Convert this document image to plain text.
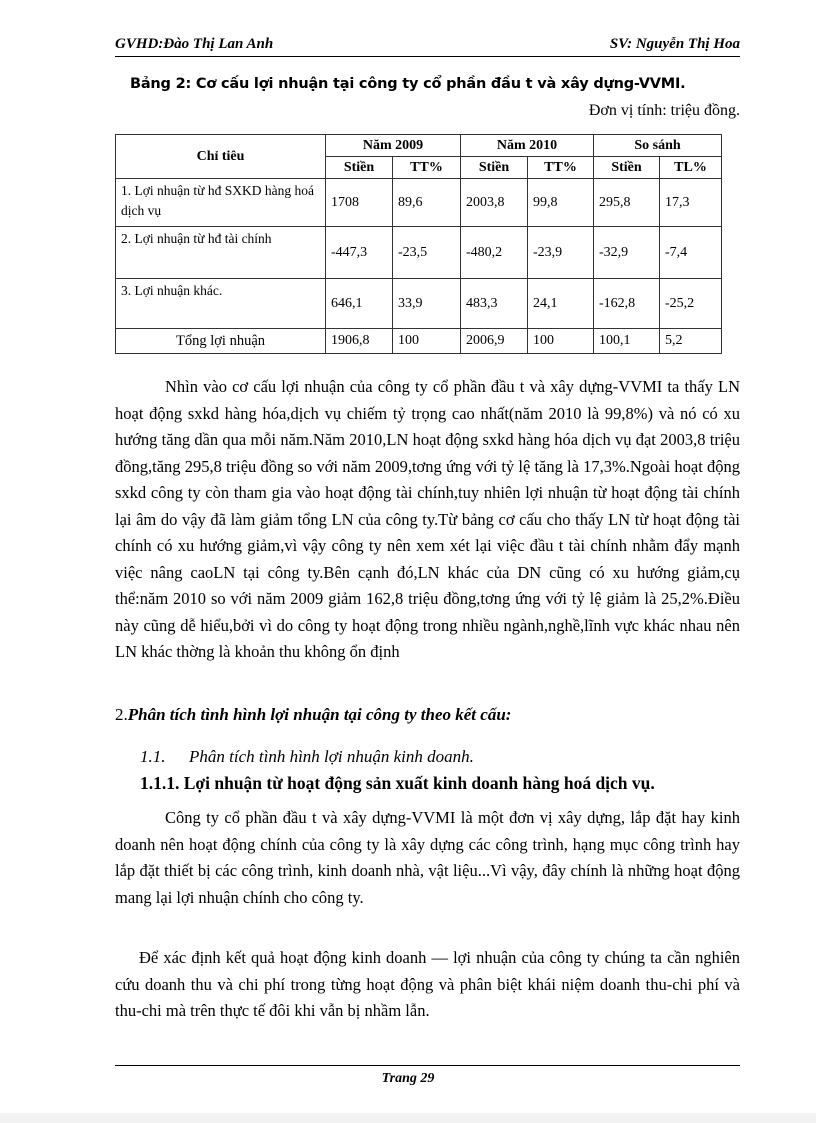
GVHD:Đào Thị Lan Anh	SV: Nguyễn Thị Hoa
Bảng 2: Cơ cấu lợi nhuận tại công ty cổ phần đầu t và xây dựng-VVMI.
Đơn vị tính: triệu đồng.
Chỉ tiêu	Năm 2009		Năm 2010		So sánh	
	Stiền	TT%	Stiền	TT%	Stiền	TL%
1. Lợi nhuận từ hđ SXKD hàng hoá dịch vụ	1708	89,6	2003,8	99,8	295,8	17,3
2. Lợi nhuận từ hđ tài chính	-447,3	-23,5	-480,2	-23,9	-32,9	-7,4
3. Lợi nhuận khác.	646,1	33,9	483,3	24,1	-162,8	-25,2
Tổng lợi nhuận	1906,8	100	2006,9	100	100,1	5,2

Nhìn vào cơ cấu lợi nhuận của công ty cổ phần đầu t và xây dựng-VVMI ta thấy LN hoạt động sxkd hàng hóa,dịch vụ chiếm tỷ trọng cao nhất(năm 2010 là 99,8%) và nó có xu hướng tăng dần qua mỗi năm.Năm 2010,LN hoạt động sxkd hàng hóa dịch vụ đạt 2003,8 triệu đồng,tăng 295,8 triệu đồng so với năm 2009,tơng ứng với tỷ lệ tăng là 17,3%.Ngoài hoạt động sxkd công ty còn tham gia vào hoạt động tài chính,tuy nhiên lợi nhuận từ hoạt động tài chính lại âm do vậy đã làm giảm tổng LN của công ty.Từ bảng cơ cấu cho thấy LN từ hoạt động tài chính có xu hướng giảm,vì vậy công ty nên xem xét lại việc đầu t tài chính nhằm đẩy mạnh việc nâng caoLN tại công ty.Bên cạnh đó,LN khác của DN cũng có xu hướng giảm,cụ thể:năm 2010 so với năm 2009 giảm 162,8 triệu đồng,tơng ứng với tỷ lệ giảm là 25,2%.Điều này cũng dễ hiểu,bởi vì do công ty hoạt động trong nhiều ngành,nghề,lĩnh vực khác nhau nên LN khác thờng là khoản thu không ổn định

2.Phân tích tình hình lợi nhuận tại công ty theo kết cấu:

1.1. Phân tích tình hình lợi nhuận kinh doanh.

1.1.1. Lợi nhuận từ hoạt động sản xuất kinh doanh hàng hoá dịch vụ.

Công ty cổ phần đầu t và xây dựng-VVMI là một đơn vị xây dựng, lắp đặt hay kinh doanh nên hoạt động chính của công ty là xây dựng các công trình, hạng mục công trình hay lắp đặt thiết bị các công trình, kinh doanh nhà, vật liệu...Vì vậy, đây chính là những hoạt động mang lại lợi nhuận chính cho công ty.

Để xác định kết quả hoạt động kinh doanh — lợi nhuận của công ty chúng ta cần nghiên cứu doanh thu và chi phí trong từng hoạt động và phân biệt khái niệm doanh thu-chi phí và thu-chi mà trên thực tế đôi khi vẫn bị nhầm lẫn.

Trang 29
